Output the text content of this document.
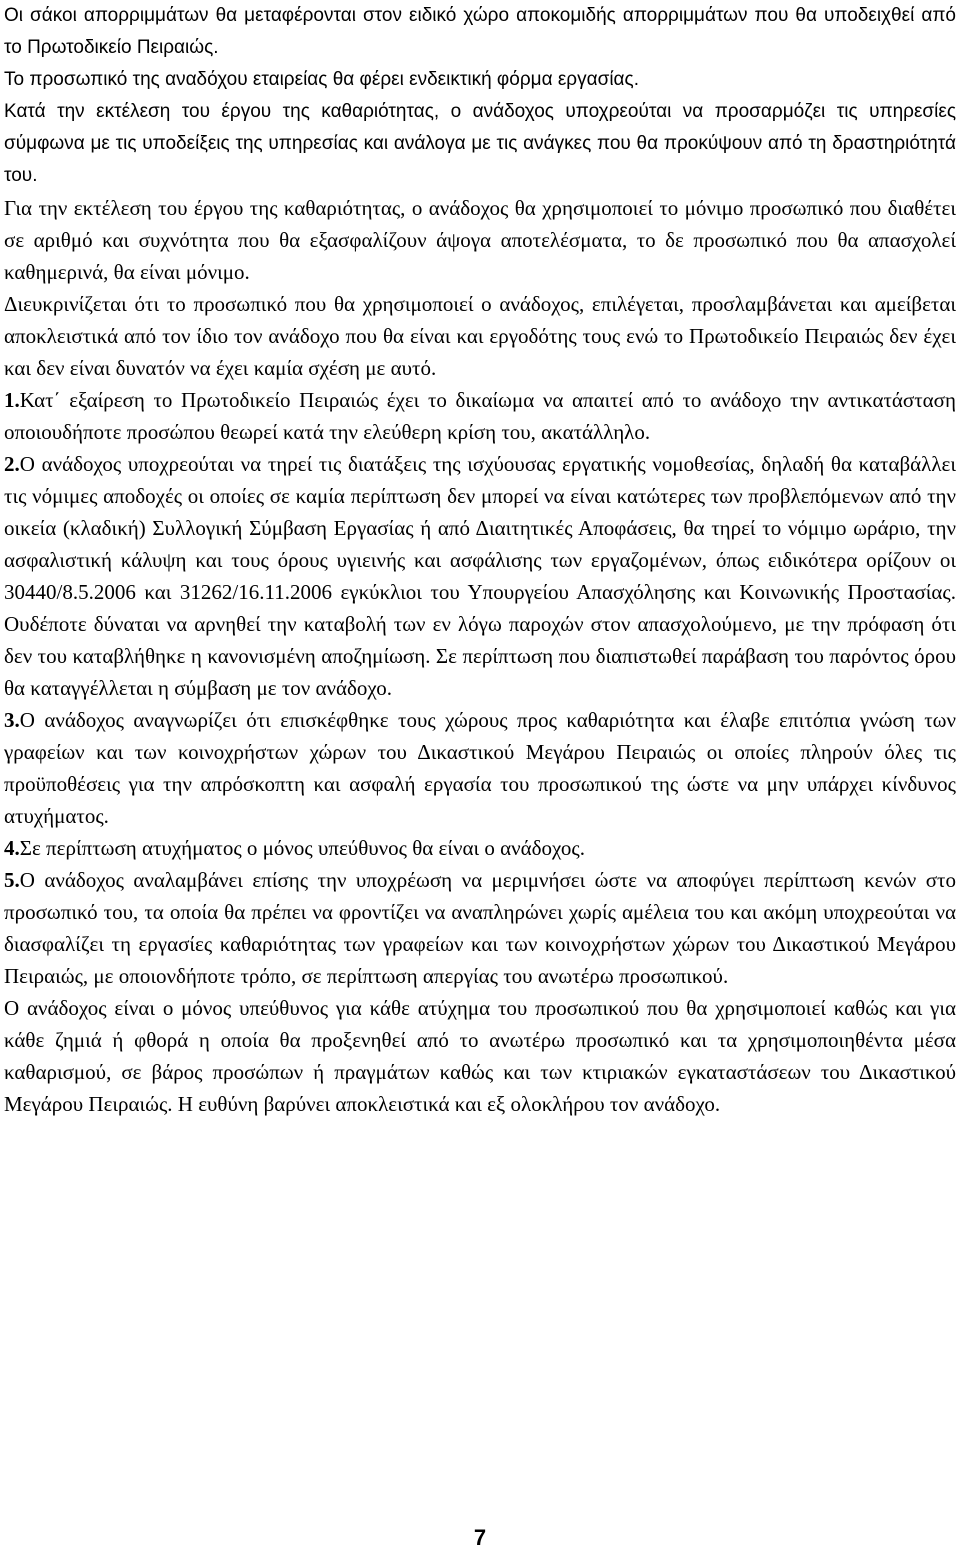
Οι σάκοι απορριμμάτων θα μεταφέρονται στον ειδικό χώρο αποκομιδής απορριμμάτων που θα υποδειχθεί από το Πρωτοδικείο Πειραιώς.

Το προσωπικό της αναδόχου εταιρείας θα φέρει ενδεικτική φόρμα εργασίας.

Κατά την εκτέλεση του έργου της καθαριότητας, ο ανάδοχος υποχρεούται να προσαρμόζει τις υπηρεσίες σύμφωνα με τις υποδείξεις της υπηρεσίας και ανάλογα με τις ανάγκες που θα προκύψουν από τη δραστηριότητά του.

Για την εκτέλεση του έργου της καθαριότητας, ο ανάδοχος θα χρησιμοποιεί το μόνιμο προσωπικό που διαθέτει σε αριθμό και συχνότητα που θα εξασφαλίζουν άψογα αποτελέσματα, το δε προσωπικό που θα απασχολεί καθημερινά, θα είναι μόνιμο.

Διευκρινίζεται ότι το προσωπικό που θα χρησιμοποιεί ο ανάδοχος, επιλέγεται, προσλαμβάνεται και αμείβεται αποκλειστικά από τον ίδιο τον ανάδοχο που θα είναι και εργοδότης τους ενώ το Πρωτοδικείο Πειραιώς δεν έχει και δεν είναι δυνατόν να έχει καμία σχέση με αυτό.

1.Κατ΄ εξαίρεση το Πρωτοδικείο Πειραιώς έχει το δικαίωμα να απαιτεί από το ανάδοχο την αντικατάσταση οποιουδήποτε προσώπου θεωρεί κατά την ελεύθερη κρίση του, ακατάλληλο.

2.Ο ανάδοχος υποχρεούται να τηρεί τις διατάξεις της ισχύουσας εργατικής νομοθεσίας, δηλαδή θα καταβάλλει τις νόμιμες αποδοχές οι οποίες σε καμία περίπτωση δεν μπορεί να είναι κατώτερες των προβλεπόμενων από την οικεία (κλαδική) Συλλογική Σύμβαση Εργασίας ή από Διαιτητικές Αποφάσεις, θα τηρεί το νόμιμο ωράριο, την ασφαλιστική κάλυψη και τους όρους υγιεινής και ασφάλισης των εργαζομένων, όπως ειδικότερα ορίζουν οι 30440/8.5.2006 και 31262/16.11.2006 εγκύκλιοι του Υπουργείου Απασχόλησης και Κοινωνικής Προστασίας. Ουδέποτε δύναται να αρνηθεί την καταβολή των εν λόγω παροχών στον απασχολούμενο, με την πρόφαση ότι δεν του καταβλήθηκε η κανονισμένη αποζημίωση. Σε περίπτωση που διαπιστωθεί παράβαση του παρόντος όρου θα καταγγέλλεται η σύμβαση με τον ανάδοχο.

3.Ο ανάδοχος αναγνωρίζει ότι επισκέφθηκε τους χώρους προς καθαριότητα και έλαβε επιτόπια γνώση των γραφείων και των κοινοχρήστων χώρων του Δικαστικού Μεγάρου Πειραιώς οι οποίες πληρούν όλες τις προϋποθέσεις για την απρόσκοπτη και ασφαλή εργασία του προσωπικού της ώστε να μην υπάρχει κίνδυνος ατυχήματος.

4.Σε περίπτωση ατυχήματος ο μόνος υπεύθυνος θα είναι ο ανάδοχος.

5.Ο ανάδοχος αναλαμβάνει επίσης την υποχρέωση να μεριμνήσει ώστε να αποφύγει περίπτωση κενών στο προσωπικό του, τα οποία θα πρέπει να φροντίζει να αναπληρώνει χωρίς αμέλεια του και ακόμη υποχρεούται να διασφαλίζει τη εργασίες καθαριότητας των γραφείων και των κοινοχρήστων χώρων του Δικαστικού Μεγάρου Πειραιώς, με οποιονδήποτε τρόπο, σε περίπτωση απεργίας του ανωτέρω προσωπικού.

Ο ανάδοχος είναι ο μόνος υπεύθυνος για κάθε ατύχημα του προσωπικού που θα χρησιμοποιεί καθώς και για κάθε ζημιά ή φθορά η οποία θα προξενηθεί από το ανωτέρω προσωπικό και τα χρησιμοποιηθέντα μέσα καθαρισμού, σε βάρος προσώπων ή πραγμάτων καθώς και των κτιριακών εγκαταστάσεων του Δικαστικού Μεγάρου Πειραιώς. Η ευθύνη βαρύνει αποκλειστικά και εξ ολοκλήρου τον ανάδοχο.

7
